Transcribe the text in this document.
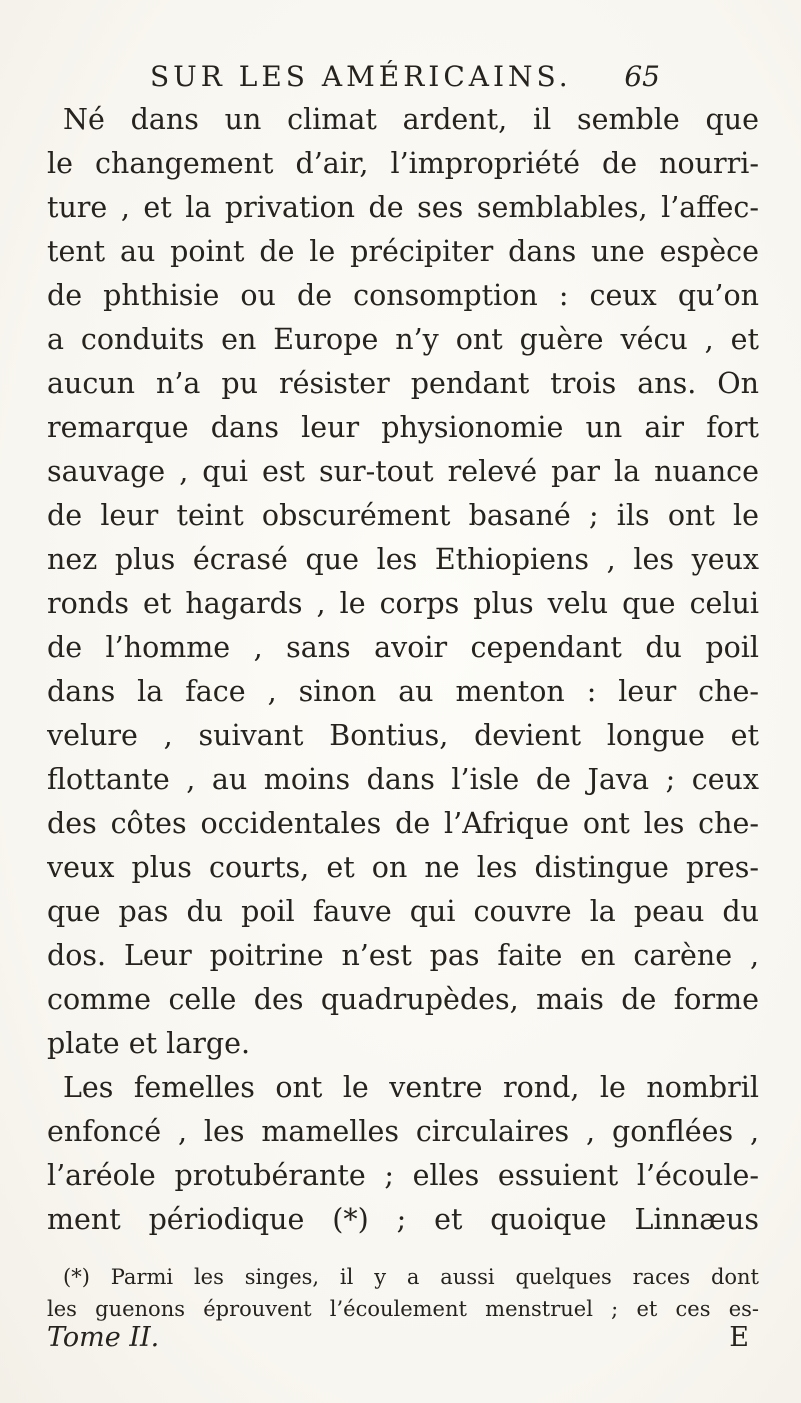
SUR LES AMÉRICAINS. 65
Né dans un climat ardent, il semble que
le changement d’air, l’impropriété de nourri-
ture , et la privation de ses semblables, l’affec-
tent au point de le précipiter dans une espèce
de phthisie ou de consomption : ceux qu’on
a conduits en Europe n’y ont guère vécu , et
aucun n’a pu résister pendant trois ans. On
remarque dans leur physionomie un air fort
sauvage , qui est sur-tout relevé par la nuance
de leur teint obscurément basané ; ils ont le
nez plus écrasé que les Ethiopiens , les yeux
ronds et hagards , le corps plus velu que celui
de l’homme , sans avoir cependant du poil
dans la face , sinon au menton : leur che-
velure , suivant Bontius, devient longue et
flottante , au moins dans l’isle de Java ; ceux
des côtes occidentales de l’Afrique ont les che-
veux plus courts, et on ne les distingue pres-
que pas du poil fauve qui couvre la peau du
dos. Leur poitrine n’est pas faite en carène ,
comme celle des quadrupèdes, mais de forme
plate et large.
Les femelles ont le ventre rond, le nombril
enfoncé , les mamelles circulaires , gonflées ,
l’aréole protubérante ; elles essuient l’écoule-
ment périodique (*) ; et quoique Linnæus
(*) Parmi les singes, il y a aussi quelques races dont
les guenons éprouvent l’écoulement menstruel ; et ces es-
Tome II.	E
